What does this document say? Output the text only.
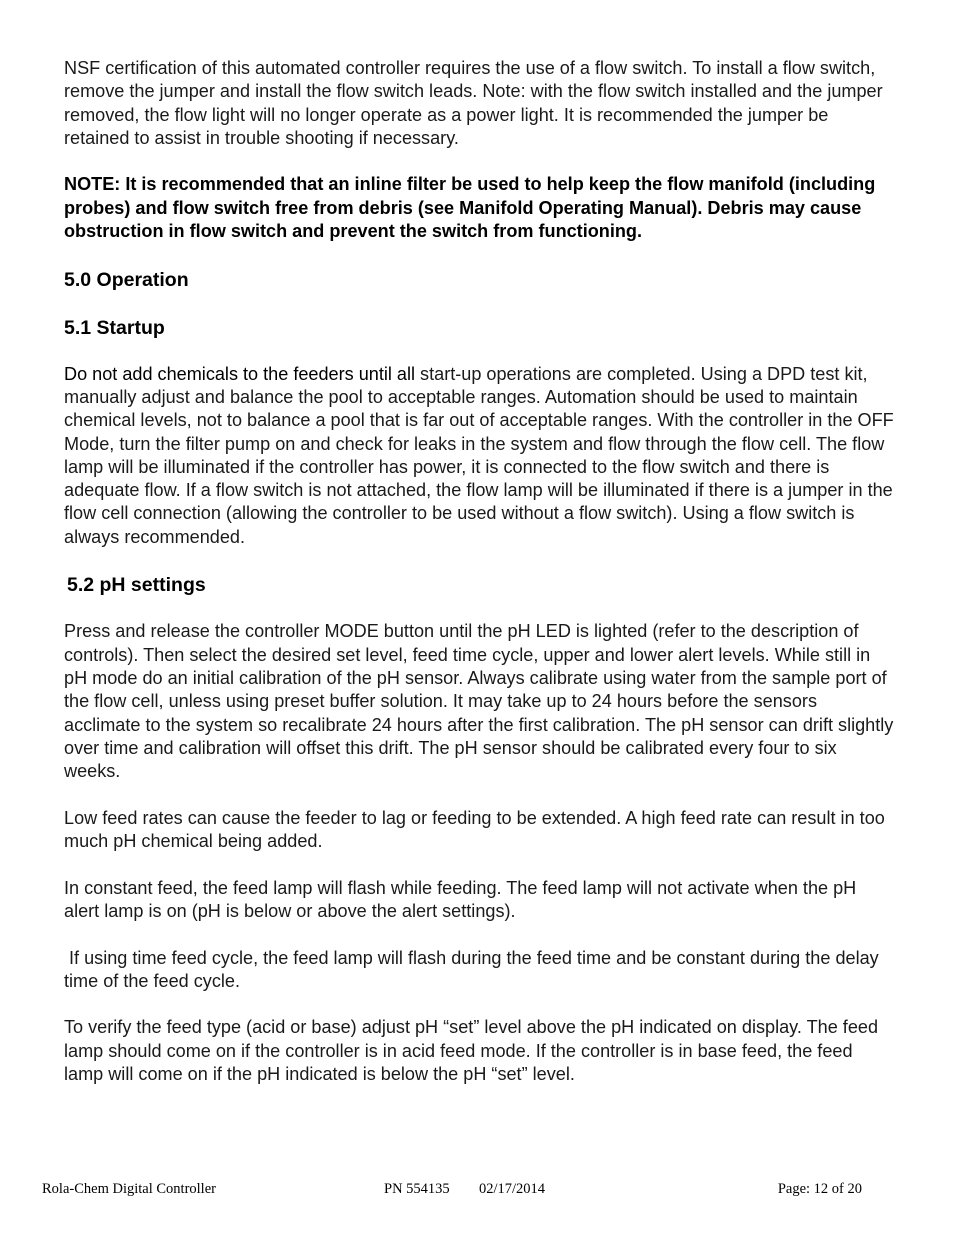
NSF certification of this automated controller requires the use of a flow switch. To install a flow switch, remove the jumper and install the flow switch leads. Note: with the flow switch installed and the jumper removed, the flow light will no longer operate as a power light. It is recommended the jumper be retained to assist in trouble shooting if necessary.

NOTE: It is recommended that an inline filter be used to help keep the flow manifold (including probes) and flow switch free from debris (see Manifold Operating Manual). Debris may cause obstruction in flow switch and prevent the switch from functioning.

5.0 Operation
5.1 Startup

Do not add chemicals to the feeders until all start-up operations are completed. Using a DPD test kit, manually adjust and balance the pool to acceptable ranges. Automation should be used to maintain chemical levels, not to balance a pool that is far out of acceptable ranges. With the controller in the OFF Mode, turn the filter pump on and check for leaks in the system and flow through the flow cell. The flow lamp will be illuminated if the controller has power, it is connected to the flow switch and there is adequate flow. If a flow switch is not attached, the flow lamp will be illuminated if there is a jumper in the flow cell connection (allowing the controller to be used without a flow switch). Using a flow switch is always recommended.

5.2 pH settings

Press and release the controller MODE button until the pH LED is lighted (refer to the description of controls). Then select the desired set level, feed time cycle, upper and lower alert levels. While still in pH mode do an initial calibration of the pH sensor. Always calibrate using water from the sample port of the flow cell, unless using preset buffer solution. It may take up to 24 hours before the sensors acclimate to the system so recalibrate 24 hours after the first calibration. The pH sensor can drift slightly over time and calibration will offset this drift. The pH sensor should be calibrated every four to six weeks.

Low feed rates can cause the feeder to lag or feeding to be extended. A high feed rate can result in too much pH chemical being added.

In constant feed, the feed lamp will flash while feeding. The feed lamp will not activate when the pH alert lamp is on (pH is below or above the alert settings).

If using time feed cycle, the feed lamp will flash during the feed time and be constant during the delay time of the feed cycle.

To verify the feed type (acid or base) adjust pH “set” level above the pH indicated on display. The feed lamp should come on if the controller is in acid feed mode. If the controller is in base feed, the feed lamp will come on if the pH indicated is below the pH “set” level.

Rola-Chem Digital Controller	PN 554135 02/17/2014	Page: 12 of 20
